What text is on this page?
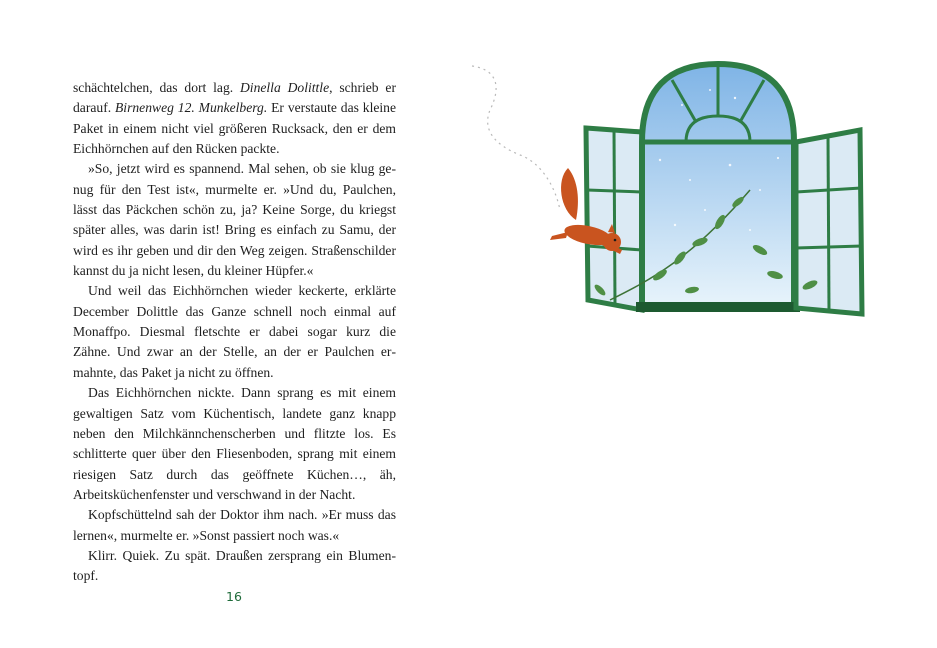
schächtelchen, das dort lag. Dinella Dolittle, schrieb er darauf. Birnenweg 12. Munkelberg. Er verstaute das kleine Paket in einem nicht viel größeren Rucksack, den er dem Eichhörnchen auf den Rücken packte.

»So, jetzt wird es spannend. Mal sehen, ob sie klug genug für den Test ist«, murmelte er. »Und du, Paulchen, lässt das Päckchen schön zu, ja? Keine Sorge, du kriegst später alles, was darin ist! Bring es einfach zu Samu, der wird es ihr geben und dir den Weg zeigen. Straßenschilder kannst du ja nicht lesen, du kleiner Hüpfer.«

Und weil das Eichhörnchen wieder keckerte, erklärte December Dolittle das Ganze schnell noch einmal auf Monaffpo. Diesmal fletschte er dabei sogar kurz die Zähne. Und zwar an der Stelle, an der er Paulchen ermahnte, das Paket ja nicht zu öffnen.

Das Eichhörnchen nickte. Dann sprang es mit einem gewaltigen Satz vom Küchentisch, landete ganz knapp neben den Milchkännchenscherben und flitzte los. Es schlitterte quer über den Fliesenboden, sprang mit einem riesigen Satz durch das geöffnete Küchen…, äh, Arbeitsküchenfenster und verschwand in der Nacht.

Kopfschüttelnd sah der Doktor ihm nach. »Er muss das lernen«, murmelte er. »Sonst passiert noch was.«

Klirr. Quiek. Zu spät. Draußen zersprang ein Blumentopf.

16
